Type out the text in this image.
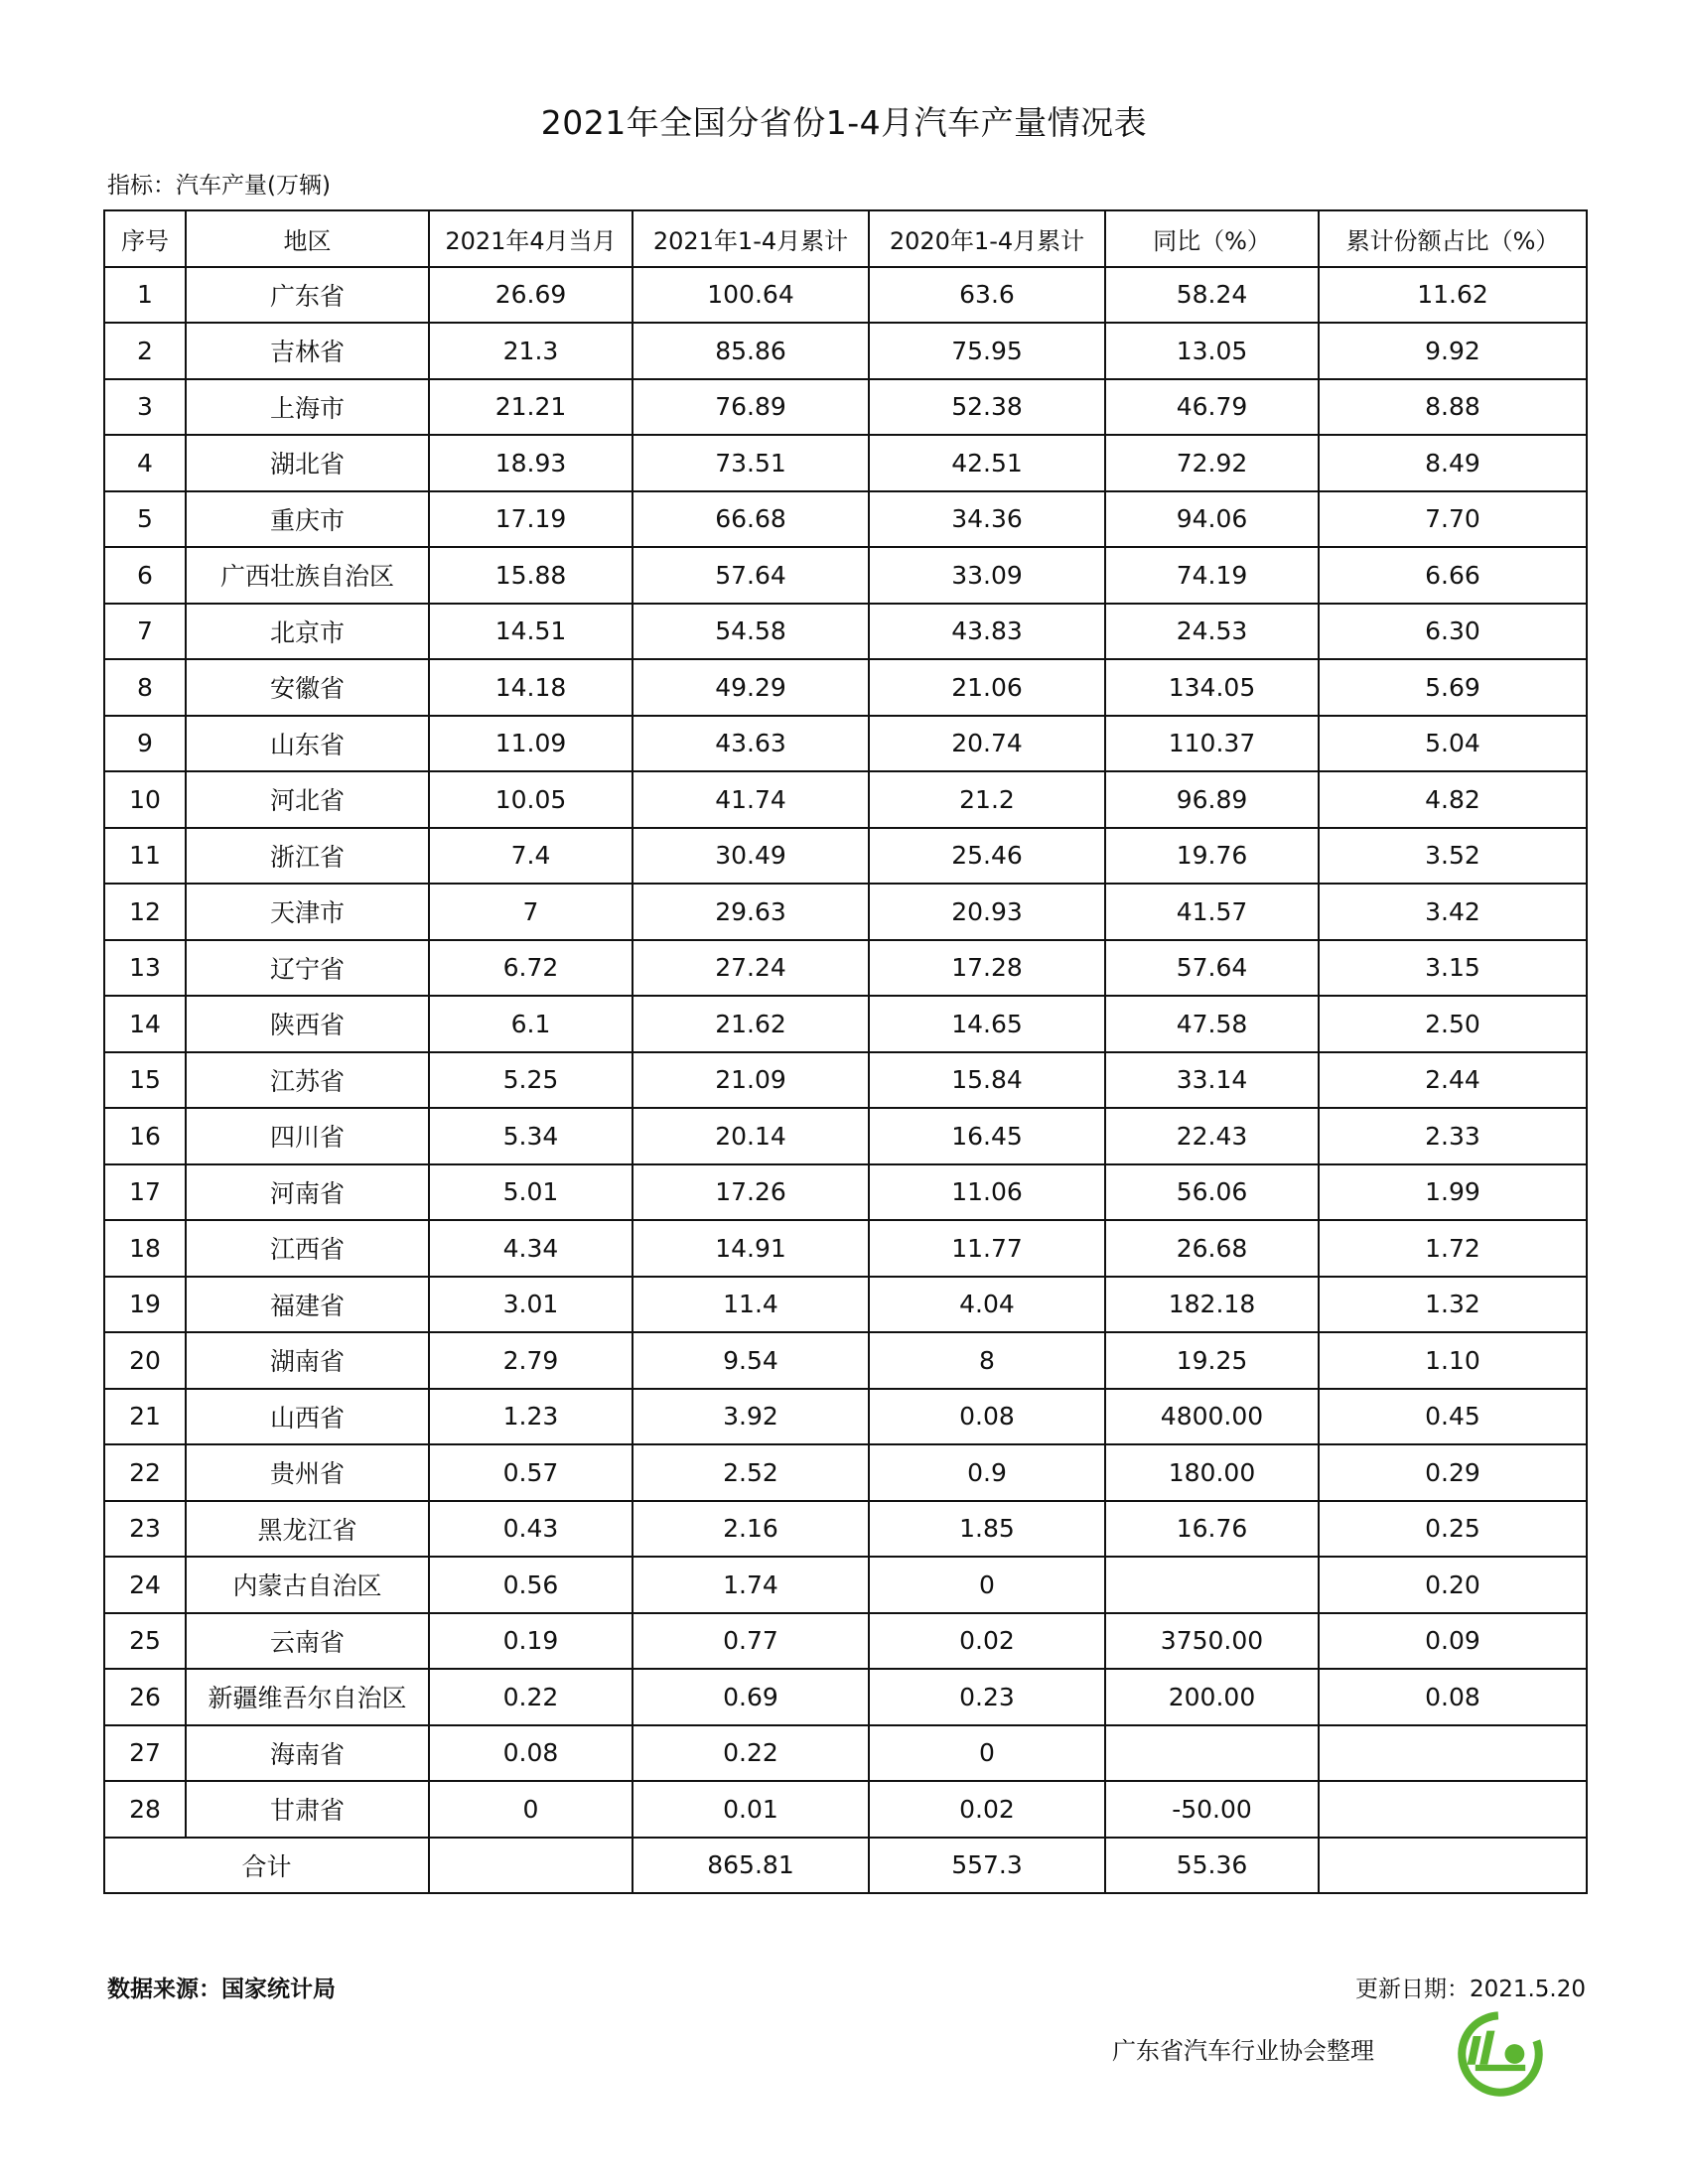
2021年全国分省份1-4月汽车产量情况表
指标：汽车产量(万辆)
序号	地区	2021年4月当月	2021年1-4月累计	2020年1-4月累计	同比（%）	累计份额占比（%）
1	广东省	26.69	100.64	63.6	58.24	11.62
2	吉林省	21.3	85.86	75.95	13.05	9.92
3	上海市	21.21	76.89	52.38	46.79	8.88
4	湖北省	18.93	73.51	42.51	72.92	8.49
5	重庆市	17.19	66.68	34.36	94.06	7.70
6	广西壮族自治区	15.88	57.64	33.09	74.19	6.66
7	北京市	14.51	54.58	43.83	24.53	6.30
8	安徽省	14.18	49.29	21.06	134.05	5.69
9	山东省	11.09	43.63	20.74	110.37	5.04
10	河北省	10.05	41.74	21.2	96.89	4.82
11	浙江省	7.4	30.49	25.46	19.76	3.52
12	天津市	7	29.63	20.93	41.57	3.42
13	辽宁省	6.72	27.24	17.28	57.64	3.15
14	陕西省	6.1	21.62	14.65	47.58	2.50
15	江苏省	5.25	21.09	15.84	33.14	2.44
16	四川省	5.34	20.14	16.45	22.43	2.33
17	河南省	5.01	17.26	11.06	56.06	1.99
18	江西省	4.34	14.91	11.77	26.68	1.72
19	福建省	3.01	11.4	4.04	182.18	1.32
20	湖南省	2.79	9.54	8	19.25	1.10
21	山西省	1.23	3.92	0.08	4800.00	0.45
22	贵州省	0.57	2.52	0.9	180.00	0.29
23	黑龙江省	0.43	2.16	1.85	16.76	0.25
24	内蒙古自治区	0.56	1.74	0		0.20
25	云南省	0.19	0.77	0.02	3750.00	0.09
26	新疆维吾尔自治区	0.22	0.69	0.23	200.00	0.08
27	海南省	0.08	0.22	0		
28	甘肃省	0	0.01	0.02	-50.00	
合计			865.81	557.3	55.36	
数据来源：国家统计局	更新日期：2021.5.20
广东省汽车行业协会整理
